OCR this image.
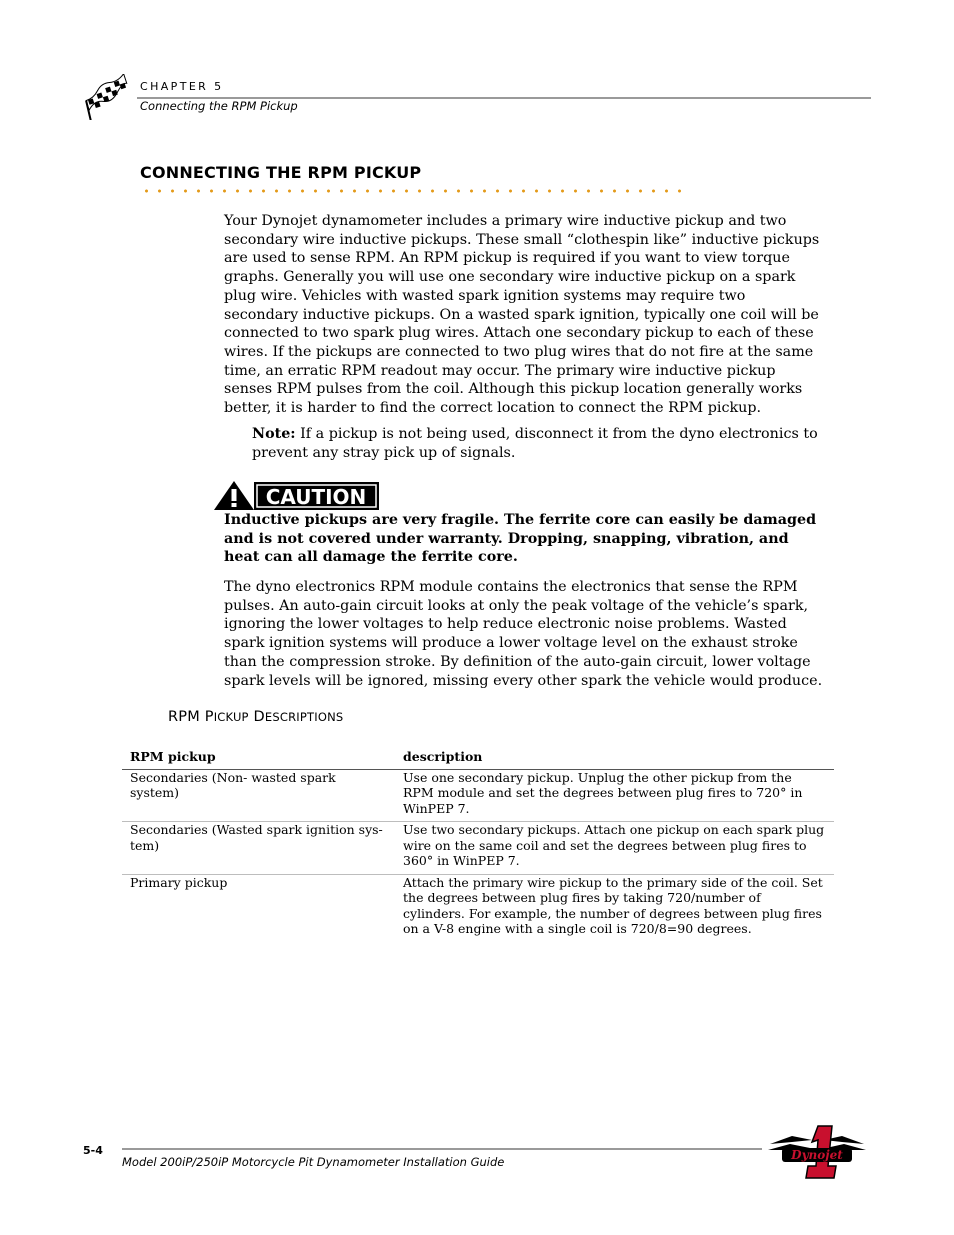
CHAPTER 5
Connecting the RPM Pickup
CONNECTING THE RPM PICKUP
Your Dynojet dynamometer includes a primary wire inductive pickup and two secondary wire inductive pickups. These small “clothespin like” inductive pickups are used to sense RPM. An RPM pickup is required if you want to view torque graphs. Generally you will use one secondary wire inductive pickup on a spark plug wire. Vehicles with wasted spark ignition systems may require two secondary inductive pickups. On a wasted spark ignition, typically one coil will be connected to two spark plug wires. Attach one secondary pickup to each of these wires. If the pickups are connected to two plug wires that do not fire at the same time, an erratic RPM readout may occur. The primary wire inductive pickup senses RPM pulses from the coil. Although this pickup location generally works better, it is harder to find the correct location to connect the RPM pickup.
Note: If a pickup is not being used, disconnect it from the dyno electronics to prevent any stray pick up of signals.
CAUTION
Inductive pickups are very fragile. The ferrite core can easily be damaged and is not covered under warranty. Dropping, snapping, vibration, and heat can all damage the ferrite core.
The dyno electronics RPM module contains the electronics that sense the RPM pulses. An auto-gain circuit looks at only the peak voltage of the vehicle’s spark, ignoring the lower voltages to help reduce electronic noise problems. Wasted spark ignition systems will produce a lower voltage level on the exhaust stroke than the compression stroke. By definition of the auto-gain circuit, lower voltage spark levels will be ignored, missing every other spark the vehicle would produce.
RPM PICKUP DESCRIPTIONS
RPM pickup	description
Secondaries (Non- wasted spark system)	Use one secondary pickup. Unplug the other pickup from the RPM module and set the degrees between plug fires to 720° in WinPEP 7.
Secondaries (Wasted spark ignition sys- tem)	Use two secondary pickups. Attach one pickup on each spark plug wire on the same coil and set the degrees between plug fires to 360° in WinPEP 7.
Primary pickup	Attach the primary wire pickup to the primary side of the coil. Set the degrees between plug fires by taking 720/number of cylinders. For example, the number of degrees between plug fires on a V-8 engine with a single coil is 720/8=90 degrees.
5-4
Model 200iP/250iP Motorcycle Pit Dynamometer Installation Guide	Dynojet
